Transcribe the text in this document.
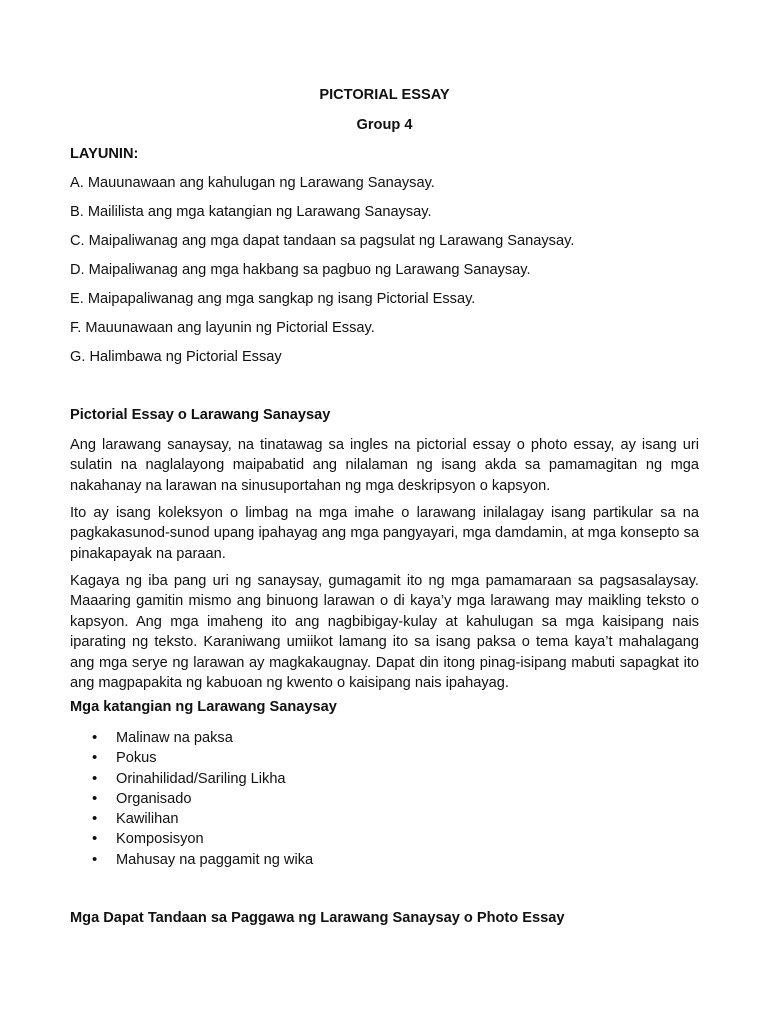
PICTORIAL ESSAY
Group 4
LAYUNIN:
A. Mauunawaan ang kahulugan ng Larawang Sanaysay.
B. Maililista ang mga katangian ng Larawang Sanaysay.
C. Maipaliwanag ang mga dapat tandaan sa pagsulat ng Larawang Sanaysay.
D. Maipaliwanag ang mga hakbang sa pagbuo ng Larawang Sanaysay.
E. Maipapaliwanag ang mga sangkap ng isang Pictorial Essay.
F. Mauunawaan ang layunin ng Pictorial Essay.
G. Halimbawa ng Pictorial Essay
Pictorial Essay o Larawang Sanaysay
Ang larawang sanaysay, na tinatawag sa ingles na pictorial essay o photo essay, ay isang uri sulatin na naglalayong maipabatid ang nilalaman ng isang akda sa pamamagitan ng mga nakahanay na larawan na sinusuportahan ng mga deskripsyon o kapsyon.
Ito ay isang koleksyon o limbag na mga imahe o larawang inilalagay isang partikular sa na pagkakasunod-sunod upang ipahayag ang mga pangyayari, mga damdamin, at mga konsepto sa pinakapayak na paraan.
Kagaya ng iba pang uri ng sanaysay, gumagamit ito ng mga pamamaraan sa pagsasalaysay. Maaaring gamitin mismo ang binuong larawan o di kaya’y mga larawang may maikling teksto o kapsyon. Ang mga imaheng ito ang nagbibigay-kulay at kahulugan sa mga kaisipang nais iparating ng teksto. Karaniwang umiikot lamang ito sa isang paksa o tema kaya’t mahalagang ang mga serye ng larawan ay magkakaugnay. Dapat din itong pinag-isipang mabuti sapagkat ito ang magpapakita ng kabuoan ng kwento o kaisipang nais ipahayag.
Mga katangian ng Larawang Sanaysay
• Malinaw na paksa
• Pokus
• Orinahilidad/Sariling Likha
• Organisado
• Kawilihan
• Komposisyon
• Mahusay na paggamit ng wika
Mga Dapat Tandaan sa Paggawa ng Larawang Sanaysay o Photo Essay
